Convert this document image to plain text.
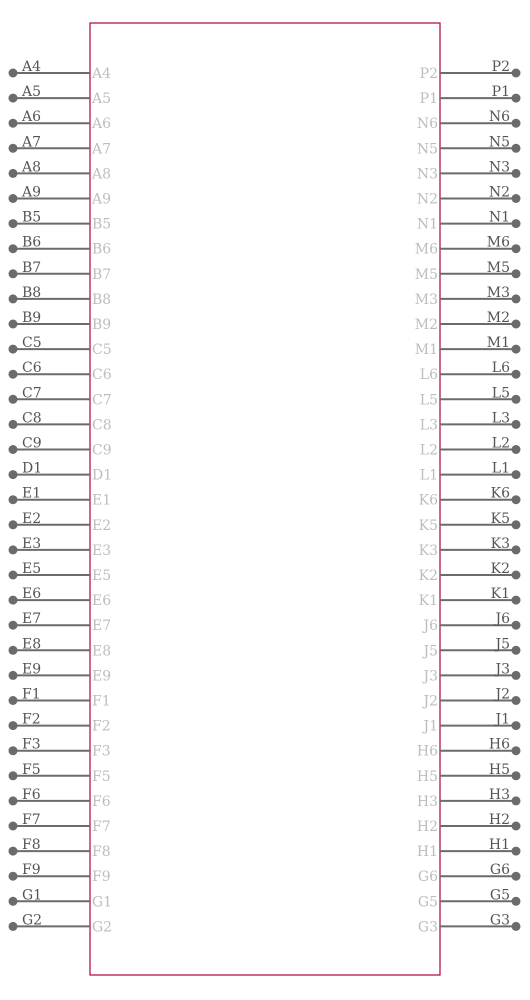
A4	A4
A5	A5
A6	A6
A7	A7
A8	A8
A9	A9
B5	B5
B6	B6
B7	B7
B8	B8
B9	B9
C5	C5
C6	C6
C7	C7
C8	C8
C9	C9
D1	D1
E1	E1
E2	E2
E3	E3
E5	E5
E6	E6
E7	E7
E8	E8
E9	E9
F1	F1
F2	F2
F3	F3
F5	F5
F6	F6
F7	F7
F8	F8
F9	F9
G1	G1
G2	G2
P2
P2
P1
P1
N6
N6
N5
N5
N3
N3
N2
N2
N1
N1
M6
M6
M5
M5
M3
M3
M2
M2
M1
M1
L6
L6
L5
L5
L3
L3
L2
L2
L1
L1
K6
K6
K5
K5
K3
K3
K2
K2
K1
K1
J6
J6
J5
J5
J3
J3
J2
J2
J1
J1
H6
H6
H5
H5
H3
H3
H2
H2
H1
H1
G6
G6
G5
G5
G3
G3
